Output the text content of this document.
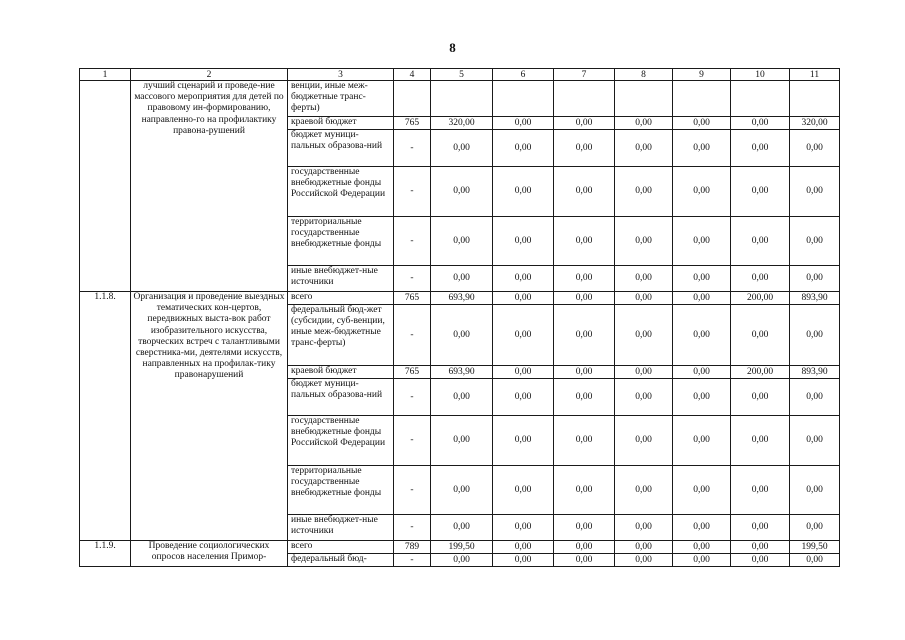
8
1	2	3	4	5	6	7	8	9	10	11
	лучший сценарий и проведе-ние массового мероприятия для детей по правовому ин-формированию, направленно-го на профилактику правона-рушений	венции, иные меж-бюджетные транс-ферты)								
		краевой бюджет	765	320,00	0,00	0,00	0,00	0,00	0,00	320,00
		бюджет муници-пальных образова-ний	-	0,00	0,00	0,00	0,00	0,00	0,00	0,00
		государственные внебюджетные фонды Российской Федерации	-	0,00	0,00	0,00	0,00	0,00	0,00	0,00
		территориальные государственные внебюджетные фонды	-	0,00	0,00	0,00	0,00	0,00	0,00	0,00
		иные внебюджет-ные источники	-	0,00	0,00	0,00	0,00	0,00	0,00	0,00
1.1.8.	Организация и проведение выездных тематических кон-цертов, передвижных выста-вок работ изобразительного искусства, творческих встреч с талантливыми сверстника-ми, деятелями искусств, направленных на профилак-тику правонарушений	всего	765	693,90	0,00	0,00	0,00	0,00	200,00	893,90
		федеральный бюд-жет (субсидии, суб-венции, иные меж-бюджетные транс-ферты)	-	0,00	0,00	0,00	0,00	0,00	0,00	0,00
		краевой бюджет	765	693,90	0,00	0,00	0,00	0,00	200,00	893,90
		бюджет муници-пальных образова-ний	-	0,00	0,00	0,00	0,00	0,00	0,00	0,00
		государственные внебюджетные фонды Российской Федерации	-	0,00	0,00	0,00	0,00	0,00	0,00	0,00
		территориальные государственные внебюджетные фонды	-	0,00	0,00	0,00	0,00	0,00	0,00	0,00
		иные внебюджет-ные источники	-	0,00	0,00	0,00	0,00	0,00	0,00	0,00
1.1.9.	Проведение социологических опросов населения Примор-	всего	789	199,50	0,00	0,00	0,00	0,00	0,00	199,50
		федеральный бюд-	-	0,00	0,00	0,00	0,00	0,00	0,00	0,00
